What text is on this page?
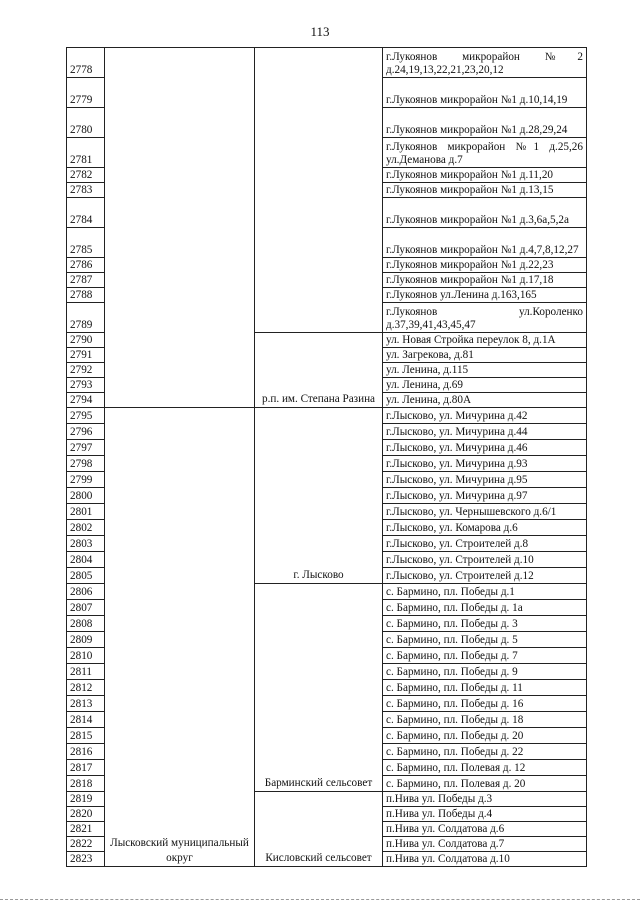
113
2778			г.Лукоянов микрорайон №2 д.24,19,13,22,21,23,20,12
2779			г.Лукоянов микрорайон №1 д.10,14,19
2780			г.Лукоянов микрорайон №1 д.28,29,24
2781			г.Лукоянов микрорайон №1 д.25,26 ул.Деманова д.7
2782			г.Лукоянов микрорайон №1 д.11,20
2783			г.Лукоянов микрорайон №1 д.13,15
2784			г.Лукоянов микрорайон №1 д.3,6а,5,2а
2785			г.Лукоянов микрорайон №1 д.4,7,8,12,27
2786			г.Лукоянов микрорайон №1 д.22,23
2787			г.Лукоянов микрорайон №1 д.17,18
2788			г.Лукоянов ул.Ленина д.163,165
2789			г.Лукоянов ул.Короленко д.37,39,41,43,45,47
2790		р.п. им. Степана Разина	ул. Новая Стройка переулок 8, д.1А
2791			ул. Загрекова, д.81
2792			ул. Ленина, д.115
2793			ул. Ленина, д.69
2794			ул. Ленина, д.80А
2795	Лысковский муниципальный округ	г. Лысково	г.Лысково, ул. Мичурина д.42
2796			г.Лысково, ул. Мичурина д.44
2797			г.Лысково, ул. Мичурина д.46
2798			г.Лысково, ул. Мичурина д.93
2799			г.Лысково, ул. Мичурина д.95
2800			г.Лысково, ул. Мичурина д.97
2801			г.Лысково, ул. Чернышевского д.6/1
2802			г.Лысково, ул. Комарова д.6
2803			г.Лысково, ул. Строителей д.8
2804			г.Лысково, ул. Строителей д.10
2805			г.Лысково, ул. Строителей д.12
2806		Барминский сельсовет	с. Бармино, пл. Победы д.1
2807			с. Бармино, пл. Победы д. 1а
2808			с. Бармино, пл. Победы д. 3
2809			с. Бармино, пл. Победы д. 5
2810			с. Бармино, пл. Победы д. 7
2811			с. Бармино, пл. Победы д. 9
2812			с. Бармино, пл. Победы д. 11
2813			с. Бармино, пл. Победы д. 16
2814			с. Бармино, пл. Победы д. 18
2815			с. Бармино, пл. Победы д. 20
2816			с. Бармино, пл. Победы д. 22
2817			с. Бармино, пл. Полевая д. 12
2818			с. Бармино, пл. Полевая д. 20
2819		Кисловский сельсовет	п.Нива ул. Победы д.3
2820			п.Нива ул. Победы д.4
2821			п.Нива ул. Солдатова д.6
2822			п.Нива ул. Солдатова д.7
2823			п.Нива ул. Солдатова д.10
